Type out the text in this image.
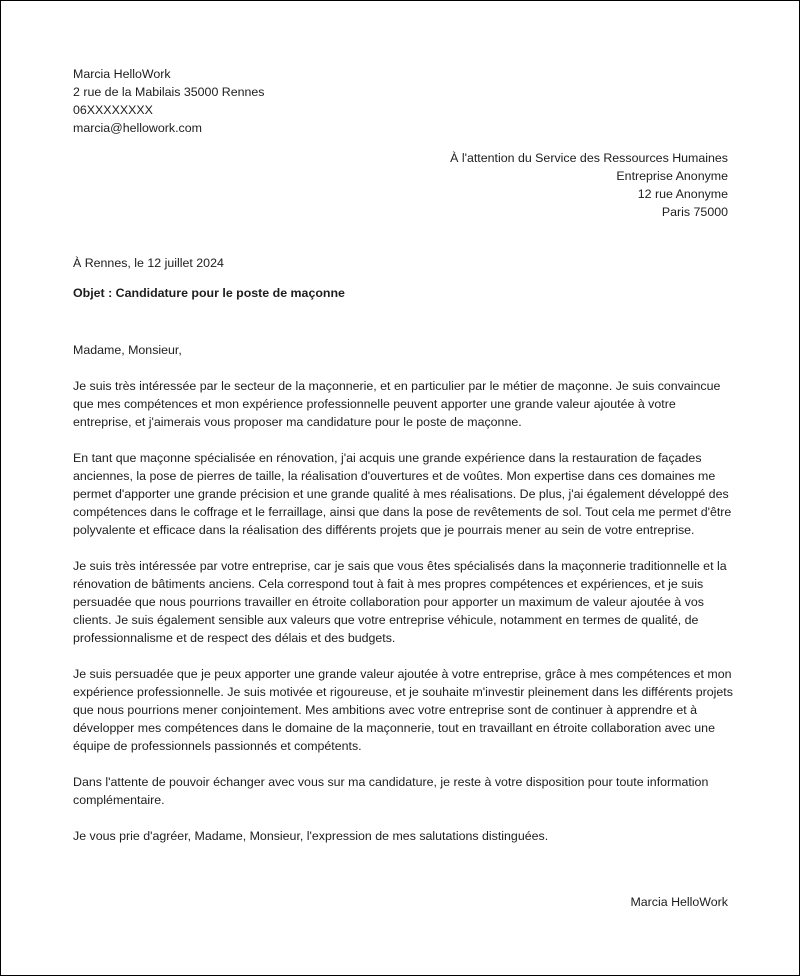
Marcia HelloWork
2 rue de la Mabilais 35000 Rennes
06XXXXXXXX
marcia@hellowork.com
À l'attention du Service des Ressources Humaines
Entreprise Anonyme
12 rue Anonyme
Paris 75000
À Rennes, le 12 juillet 2024
Objet : Candidature pour le poste de maçonne

Madame, Monsieur,

Je suis très intéressée par le secteur de la maçonnerie, et en particulier par le métier de maçonne. Je suis convaincue que mes compétences et mon expérience professionnelle peuvent apporter une grande valeur ajoutée à votre entreprise, et j'aimerais vous proposer ma candidature pour le poste de maçonne.

En tant que maçonne spécialisée en rénovation, j'ai acquis une grande expérience dans la restauration de façades anciennes, la pose de pierres de taille, la réalisation d'ouvertures et de voûtes. Mon expertise dans ces domaines me permet d'apporter une grande précision et une grande qualité à mes réalisations. De plus, j'ai également développé des compétences dans le coffrage et le ferraillage, ainsi que dans la pose de revêtements de sol. Tout cela me permet d'être polyvalente et efficace dans la réalisation des différents projets que je pourrais mener au sein de votre entreprise.

Je suis très intéressée par votre entreprise, car je sais que vous êtes spécialisés dans la maçonnerie traditionnelle et la rénovation de bâtiments anciens. Cela correspond tout à fait à mes propres compétences et expériences, et je suis persuadée que nous pourrions travailler en étroite collaboration pour apporter un maximum de valeur ajoutée à vos clients. Je suis également sensible aux valeurs que votre entreprise véhicule, notamment en termes de qualité, de professionnalisme et de respect des délais et des budgets.

Je suis persuadée que je peux apporter une grande valeur ajoutée à votre entreprise, grâce à mes compétences et mon expérience professionnelle. Je suis motivée et rigoureuse, et je souhaite m'investir pleinement dans les différents projets que nous pourrions mener conjointement. Mes ambitions avec votre entreprise sont de continuer à apprendre et à développer mes compétences dans le domaine de la maçonnerie, tout en travaillant en étroite collaboration avec une équipe de professionnels passionnés et compétents.

Dans l'attente de pouvoir échanger avec vous sur ma candidature, je reste à votre disposition pour toute information complémentaire.

Je vous prie d'agréer, Madame, Monsieur, l'expression de mes salutations distinguées.

Marcia HelloWork
